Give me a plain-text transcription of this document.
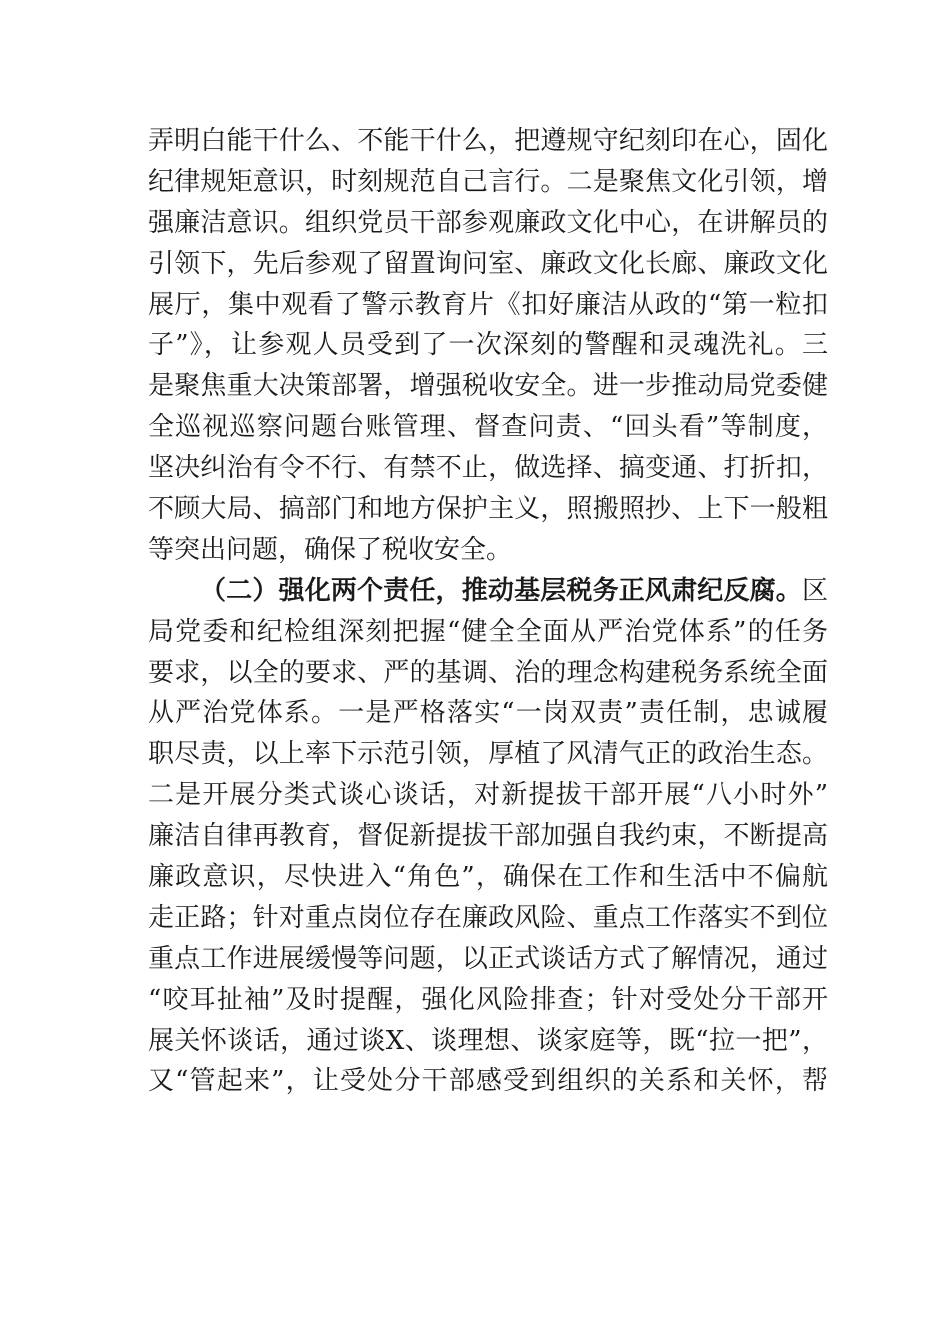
弄明白能干什么、不能干什么，把遵规守纪刻印在心，固化
纪律规矩意识，时刻规范自己言行。二是聚焦文化引领，增
强廉洁意识。组织党员干部参观廉政文化中心，在讲解员的
引领下，先后参观了留置询问室、廉政文化长廊、廉政文化
展厅，集中观看了警示教育片《扣好廉洁从政的“第一粒扣
子”》，让参观人员受到了一次深刻的警醒和灵魂洗礼。三
是聚焦重大决策部署，增强税收安全。进一步推动局党委健
全巡视巡察问题台账管理、督查问责、“回头看”等制度，
坚决纠治有令不行、有禁不止，做选择、搞变通、打折扣，
不顾大局、搞部门和地方保护主义，照搬照抄、上下一般粗
等突出问题，确保了税收安全。
（二）强化两个责任，推动基层税务正风肃纪反腐。区
局党委和纪检组深刻把握“健全全面从严治党体系”的任务
要求，以全的要求、严的基调、治的理念构建税务系统全面
从严治党体系。一是严格落实“一岗双责”责任制，忠诚履
职尽责，以上率下示范引领，厚植了风清气正的政治生态。
二是开展分类式谈心谈话，对新提拔干部开展“八小时外”
廉洁自律再教育，督促新提拔干部加强自我约束，不断提高
廉政意识，尽快进入“角色”，确保在工作和生活中不偏航
走正路；针对重点岗位存在廉政风险、重点工作落实不到位
重点工作进展缓慢等问题，以正式谈话方式了解情况，通过
“咬耳扯袖”及时提醒，强化风险排查；针对受处分干部开
展关怀谈话，通过谈X、谈理想、谈家庭等，既“拉一把”，
又“管起来”，让受处分干部感受到组织的关系和关怀，帮
